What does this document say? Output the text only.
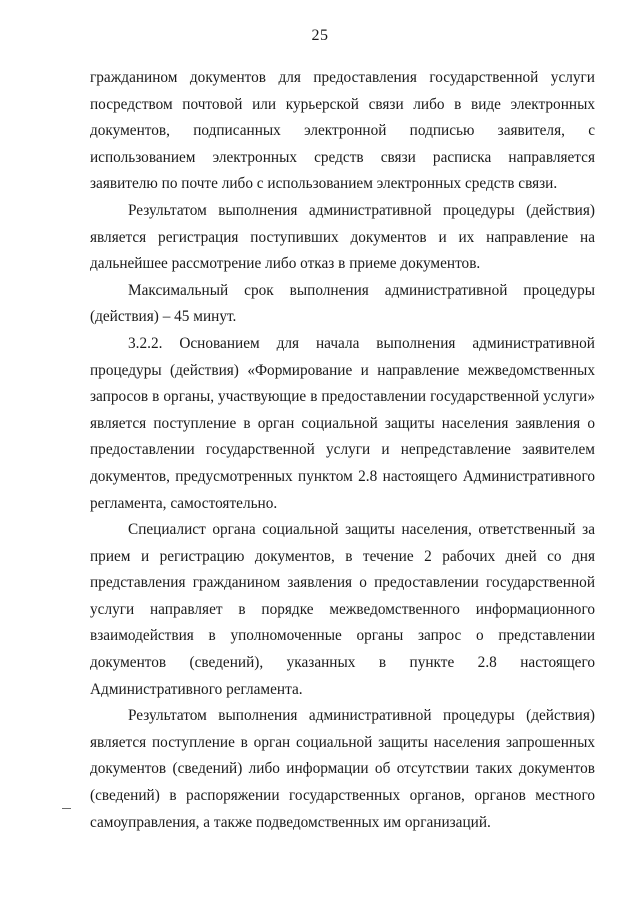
25

гражданином документов для предоставления государственной услуги посредством почтовой или курьерской связи либо в виде электронных документов, подписанных электронной подписью заявителя, с использованием электронных средств связи расписка направляется заявителю по почте либо с использованием электронных средств связи.

Результатом выполнения административной процедуры (действия) является регистрация поступивших документов и их направление на дальнейшее рассмотрение либо отказ в приеме документов.

Максимальный срок выполнения административной процедуры (действия) – 45 минут.

3.2.2. Основанием для начала выполнения административной процедуры (действия) «Формирование и направление межведомственных запросов в органы, участвующие в предоставлении государственной услуги» является поступление в орган социальной защиты населения заявления о предоставлении государственной услуги и непредставление заявителем документов, предусмотренных пунктом 2.8 настоящего Административного регламента, самостоятельно.

Специалист органа социальной защиты населения, ответственный за прием и регистрацию документов, в течение 2 рабочих дней со дня представления гражданином заявления о предоставлении государственной услуги направляет в порядке межведомственного информационного взаимодействия в уполномоченные органы запрос о представлении документов (сведений), указанных в пункте 2.8 настоящего Административного регламента.

Результатом выполнения административной процедуры (действия) является поступление в орган социальной защиты населения запрошенных документов (сведений) либо информации об отсутствии таких документов (сведений) в распоряжении государственных органов, органов местного самоуправления, а также подведомственных им организаций.
